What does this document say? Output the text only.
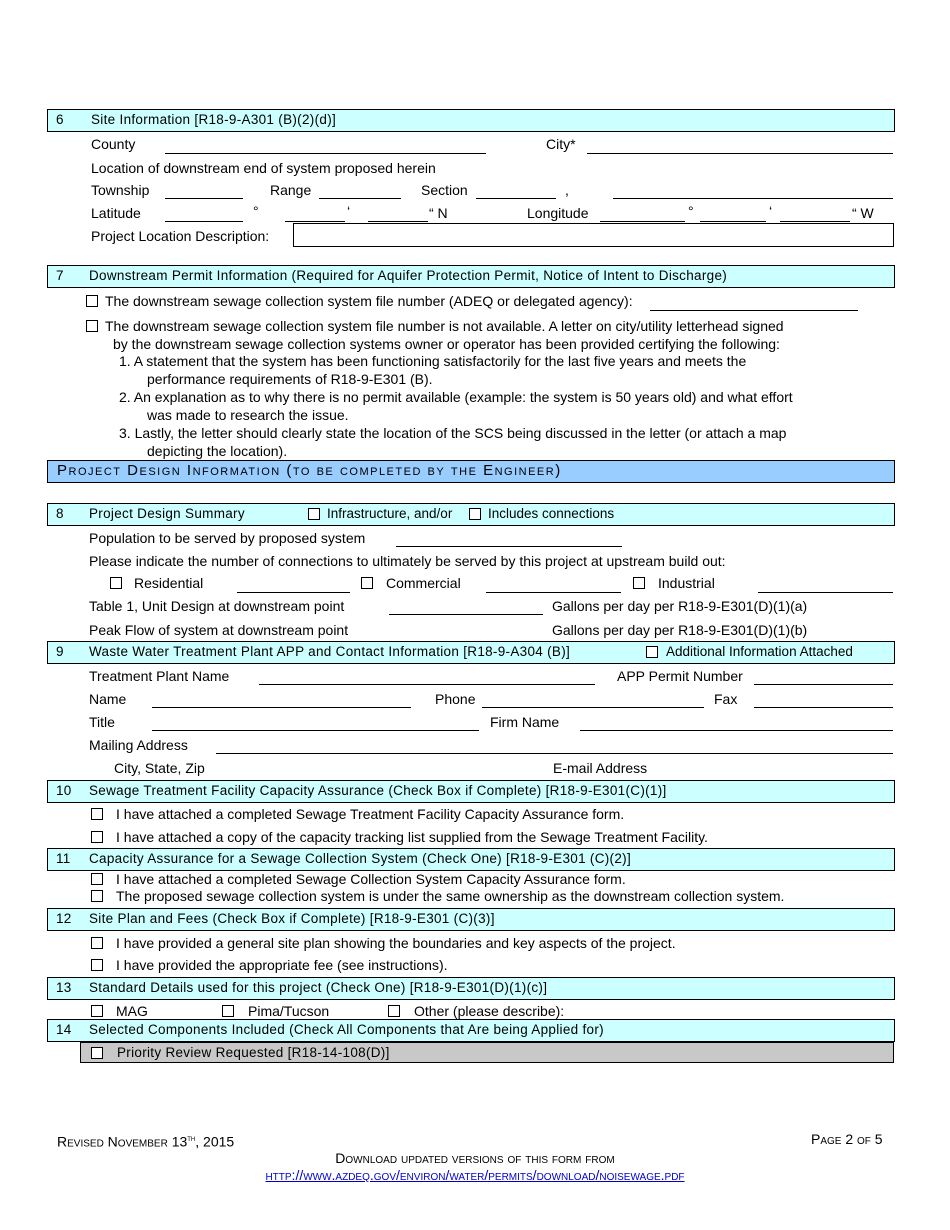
6 Site Information [R18-9-A301 (B)(2)(d)]
County	City*
Location of downstream end of system proposed herein
Township	Range	Section	,
Latitude	°	‘	“ N	Longitude	°	‘	“ W
Project Location Description:
7 Downstream Permit Information (Required for Aquifer Protection Permit, Notice of Intent to Discharge)
The downstream sewage collection system file number (ADEQ or delegated agency):
The downstream sewage collection system file number is not available. A letter on city/utility letterhead signed
by the downstream sewage collection systems owner or operator has been provided certifying the following:
1. A statement that the system has been functioning satisfactorily for the last five years and meets the
performance requirements of R18-9-E301 (B).
2. An explanation as to why there is no permit available (example: the system is 50 years old) and what effort
was made to research the issue.
3. Lastly, the letter should clearly state the location of the SCS being discussed in the letter (or attach a map
depicting the location).
Project Design Information (to be completed by the Engineer)
8 Project Design Summary	Infrastructure, and/or	Includes connections
Population to be served by proposed system
Please indicate the number of connections to ultimately be served by this project at upstream build out:
Residential	Commercial	Industrial
Table 1, Unit Design at downstream point	Gallons per day per R18-9-E301(D)(1)(a)
Peak Flow of system at downstream point	Gallons per day per R18-9-E301(D)(1)(b)
9 Waste Water Treatment Plant APP and Contact Information [R18-9-A304 (B)]	Additional Information Attached
Treatment Plant Name	APP Permit Number
Name	Phone	Fax
Title	Firm Name
Mailing Address
City, State, Zip	E-mail Address
10 Sewage Treatment Facility Capacity Assurance (Check Box if Complete) [R18-9-E301(C)(1)]
I have attached a completed Sewage Treatment Facility Capacity Assurance form.
I have attached a copy of the capacity tracking list supplied from the Sewage Treatment Facility.
11 Capacity Assurance for a Sewage Collection System (Check One) [R18-9-E301 (C)(2)]
I have attached a completed Sewage Collection System Capacity Assurance form.
The proposed sewage collection system is under the same ownership as the downstream collection system.
12 Site Plan and Fees (Check Box if Complete) [R18-9-E301 (C)(3)]
I have provided a general site plan showing the boundaries and key aspects of the project.
I have provided the appropriate fee (see instructions).
13 Standard Details used for this project (Check One) [R18-9-E301(D)(1)(c)]
MAG	Pima/Tucson	Other (please describe):
14 Selected Components Included (Check All Components that Are being Applied for)
Priority Review Requested [R18-14-108(D)]
Revised November 13th, 2015	Page 2 of 5
Download updated versions of this form from
http://www.azdeq.gov/environ/water/permits/download/noisewage.pdf
